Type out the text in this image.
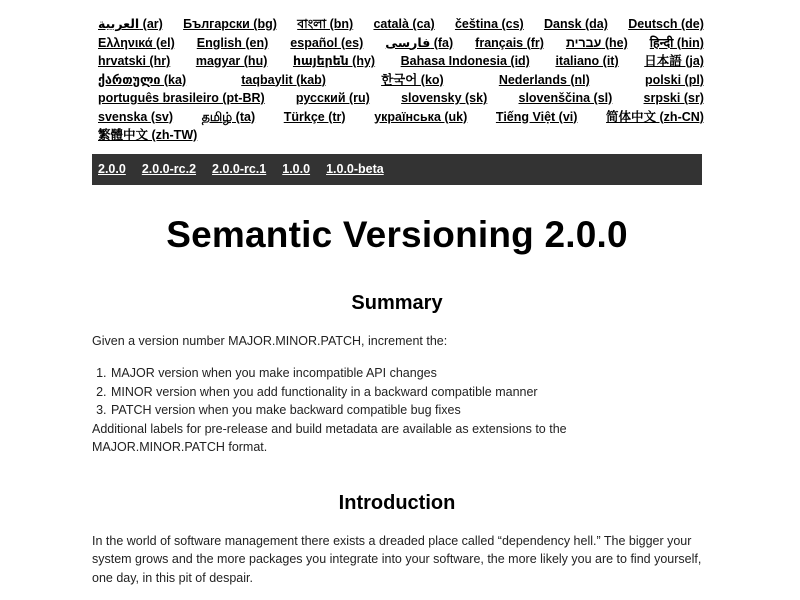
العربية (ar) Български (bg) বাংলা (bn) català (ca) čeština (cs) Dansk (da) Deutsch (de)
Ελληνικά (el) English (en) español (es) فارسی (fa) français (fr) עברית (he) हिन्दी (hin)
hrvatski (hr) magyar (hu) հայերեն (hy) Bahasa Indonesia (id) italiano (it) 日本語 (ja)
ქართული (ka)	taqbaylit (kab)	한국어 (ko)	Nederlands (nl)	polski (pl)
português brasileiro (pt-BR) русский (ru) slovensky (sk) slovenščina (sl) srpski (sr)
svenska (sv) தமிழ் (ta) Türkçe (tr) українська (uk) Tiếng Việt (vi) 简体中文 (zh-CN)
繁體中文 (zh-TW)
2.0.0 2.0.0-rc.2 2.0.0-rc.1 1.0.0 1.0.0-beta
Semantic Versioning 2.0.0
Summary

Given a version number MAJOR.MINOR.PATCH, increment the:

1. MAJOR version when you make incompatible API changes
2. MINOR version when you add functionality in a backward compatible manner
3. PATCH version when you make backward compatible bug fixes

Additional labels for pre-release and build metadata are available as extensions to the MAJOR.MINOR.PATCH format.

Introduction

In the world of software management there exists a dreaded place called “dependency hell.” The bigger your system grows and the more packages you integrate into your software, the more likely you are to find yourself, one day, in this pit of despair.
